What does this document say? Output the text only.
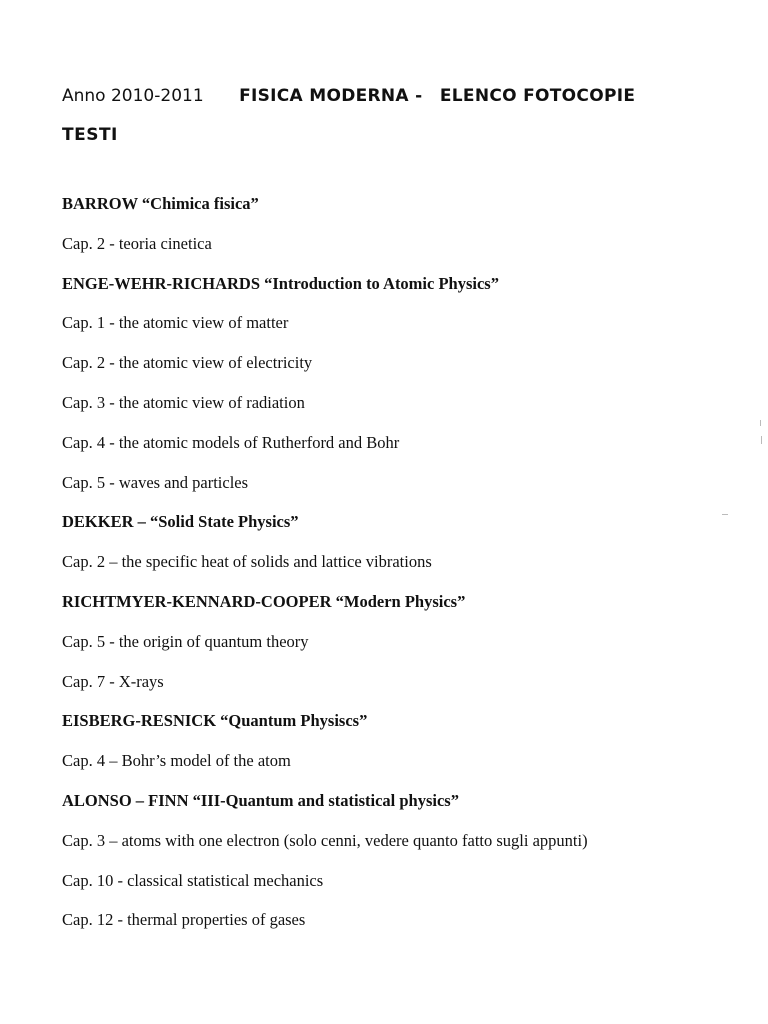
Anno 2010-2011 FISICA MODERNA - ELENCO FOTOCOPIE
TESTI
BARROW “Chimica fisica”
Cap. 2 - teoria cinetica
ENGE-WEHR-RICHARDS “Introduction to Atomic Physics”
Cap. 1 - the atomic view of matter
Cap. 2 - the atomic view of electricity
Cap. 3 - the atomic view of radiation
Cap. 4 - the atomic models of Rutherford and Bohr
Cap. 5 - waves and particles
DEKKER – “Solid State Physics”
Cap. 2 – the specific heat of solids and lattice vibrations
RICHTMYER-KENNARD-COOPER “Modern Physics”
Cap. 5 - the origin of quantum theory
Cap. 7 - X-rays
EISBERG-RESNICK “Quantum Physiscs”
Cap. 4 – Bohr’s model of the atom
ALONSO – FINN “III-Quantum and statistical physics”
Cap. 3 – atoms with one electron (solo cenni, vedere quanto fatto sugli appunti)
Cap. 10 - classical statistical mechanics
Cap. 12 - thermal properties of gases
